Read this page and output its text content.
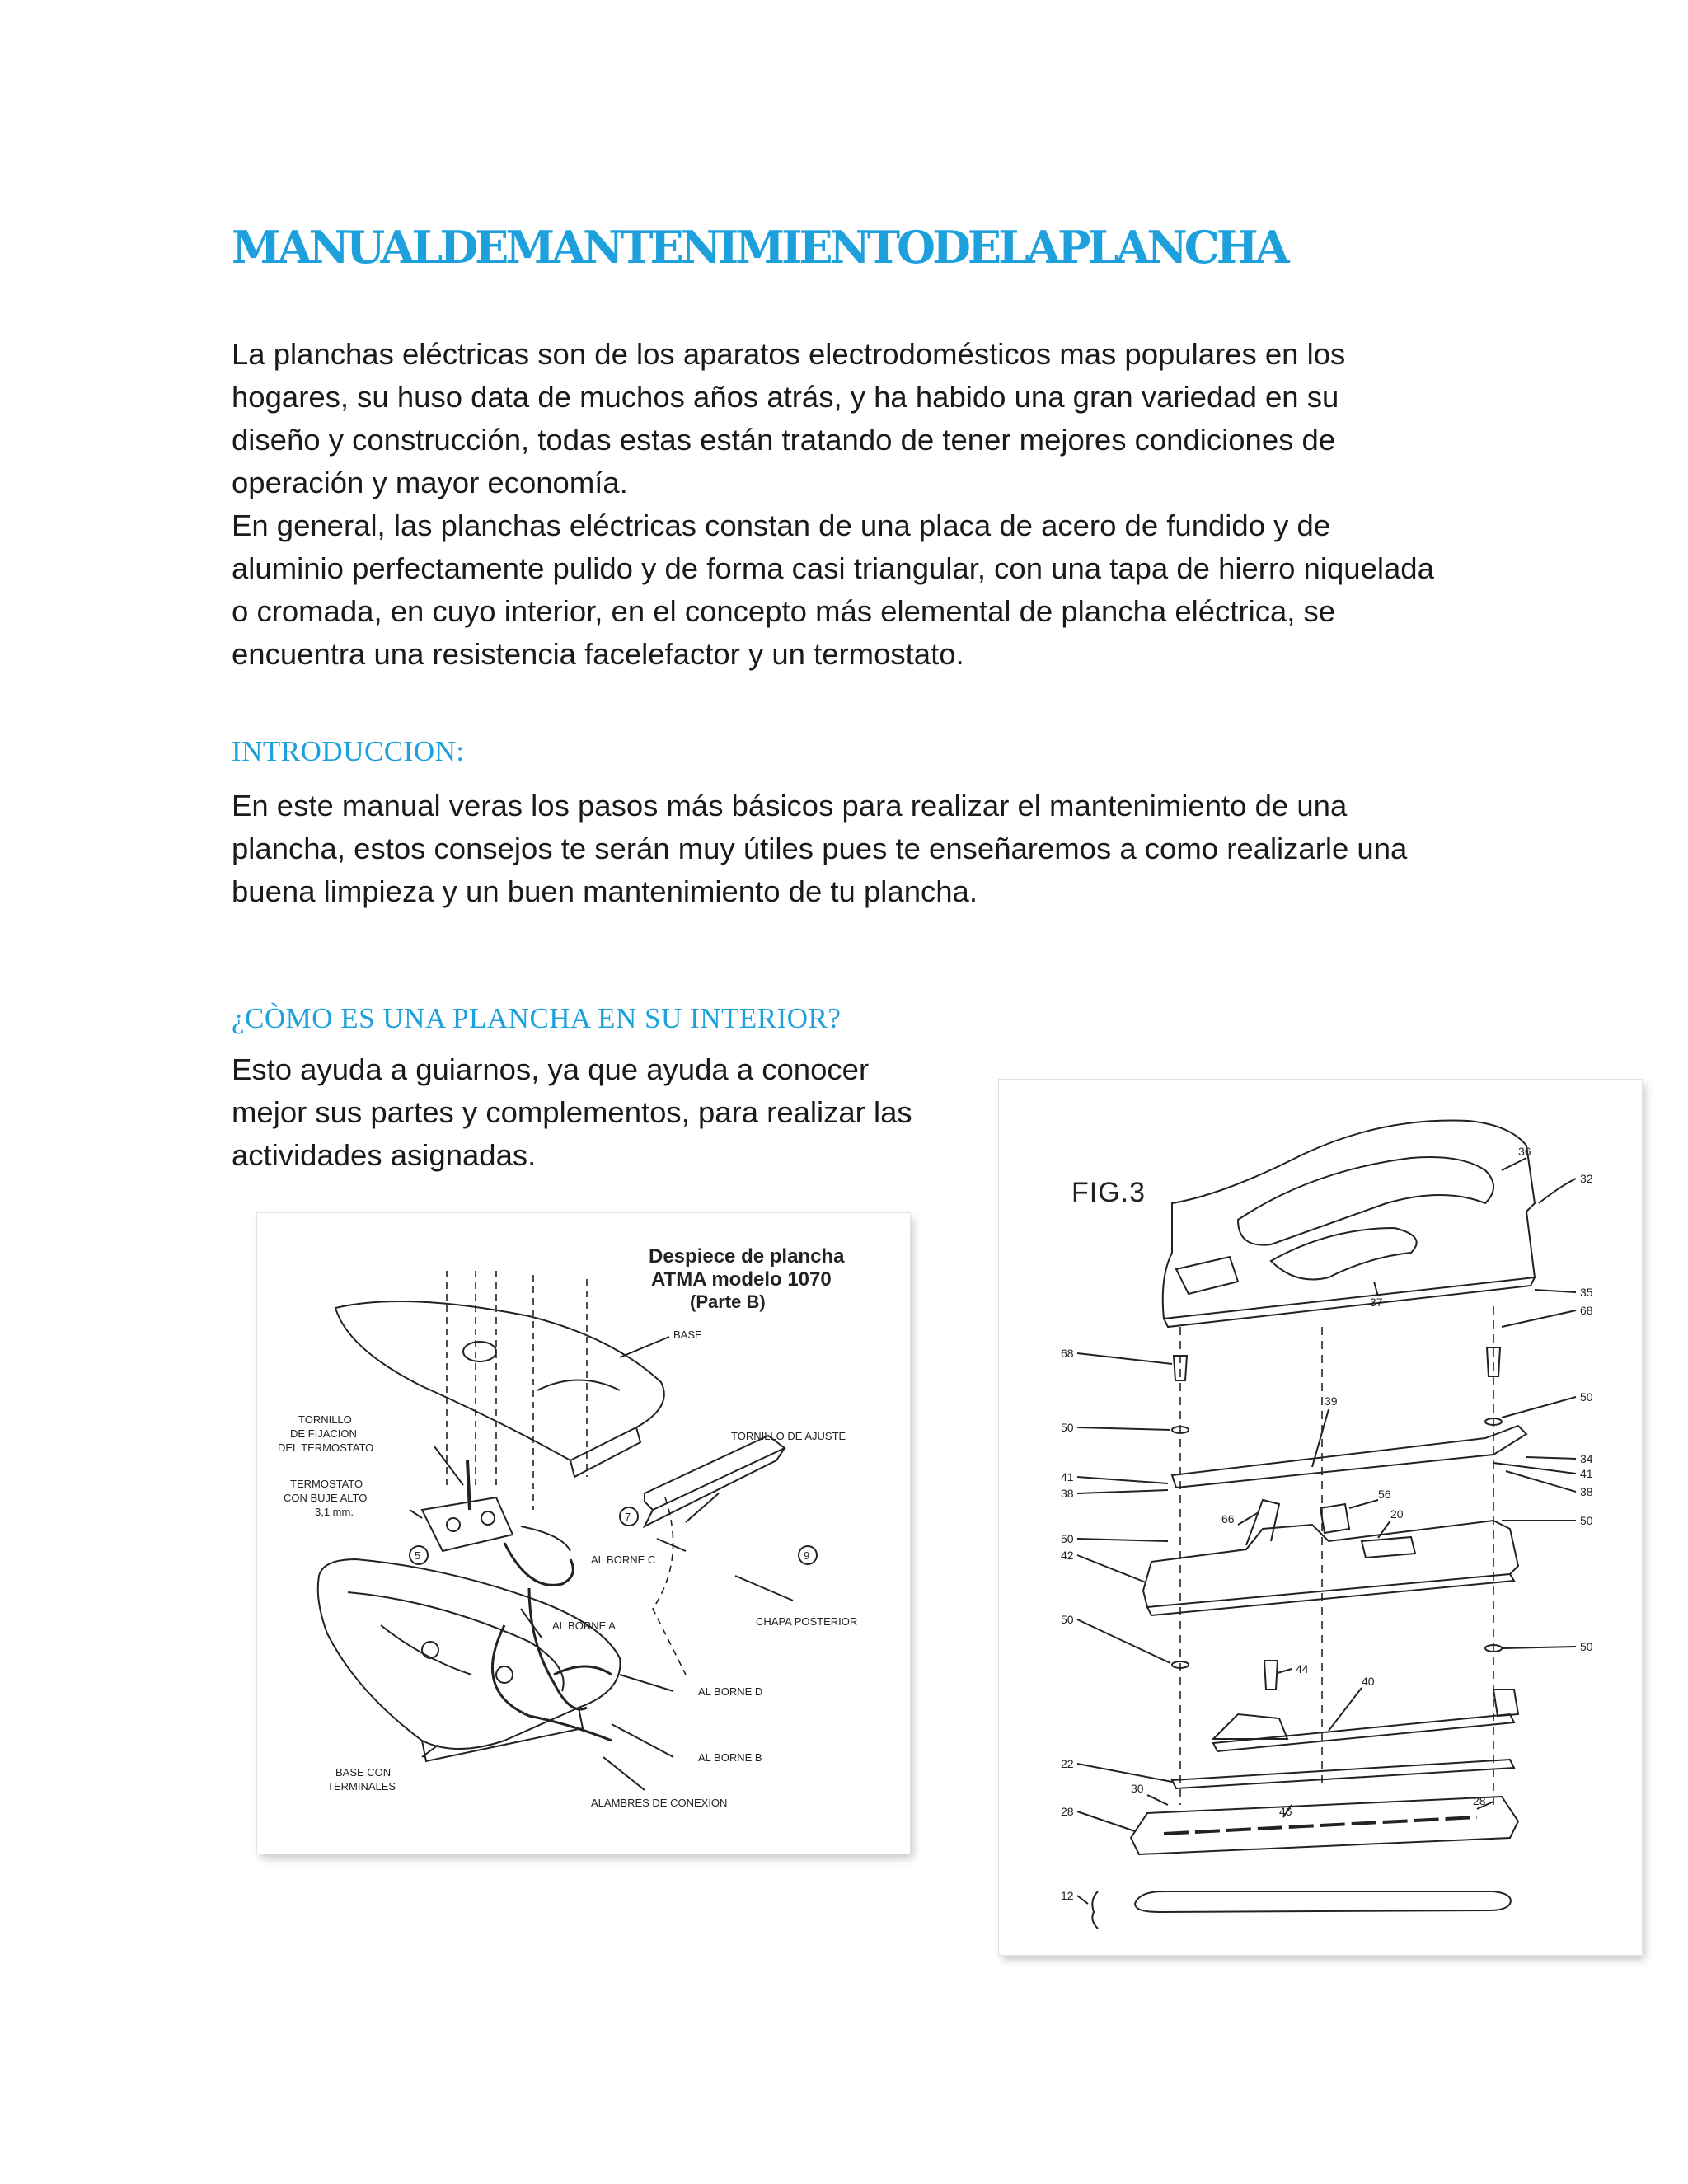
MANUALDEMANTENIMIENTODELAPLANCHA

La planchas eléctricas son de los aparatos electrodomésticos mas populares en los hogares, su huso data de muchos años atrás, y ha habido una gran variedad en su diseño y construcción, todas estas están tratando de tener mejores condiciones de operación y mayor economía.

En general, las planchas eléctricas constan de una placa de acero de fundido y de aluminio perfectamente pulido y de forma casi triangular, con una tapa de hierro niquelada o cromada, en cuyo interior, en el concepto más elemental de plancha eléctrica, se encuentra una resistencia facelefactor y un termostato.

INTRODUCCION:

En este manual veras los pasos más básicos para realizar el mantenimiento de una plancha, estos consejos te serán muy útiles pues te enseñaremos a como realizarle una buena limpieza y un buen mantenimiento de tu plancha.

¿CÒMO ES UNA PLANCHA EN SU INTERIOR?

Esto ayuda a guiarnos, ya que ayuda a conocer mejor sus partes y complementos, para realizar las actividades asignadas.

Despiece de plancha
ATMA modelo 1070
(Parte B)
BASE
TORNILLO
DE FIJACION
DEL TERMOSTATO
TERMOSTATO
CON BUJE ALTO
3,1 mm.
TORNILLO DE AJUSTE
AL BORNE C
AL BORNE A	CHAPA POSTERIOR
AL BORNE D
AL BORNE B
BASE CON
TERMINALES
ALAMBRES DE CONEXION
5
7
9
FIG.3
36
32
35
68
68
37
50
50
39
34
41	41
38	38
66
56
20
50
50
42
50
44
50
40
22
30
28	46
28
12
